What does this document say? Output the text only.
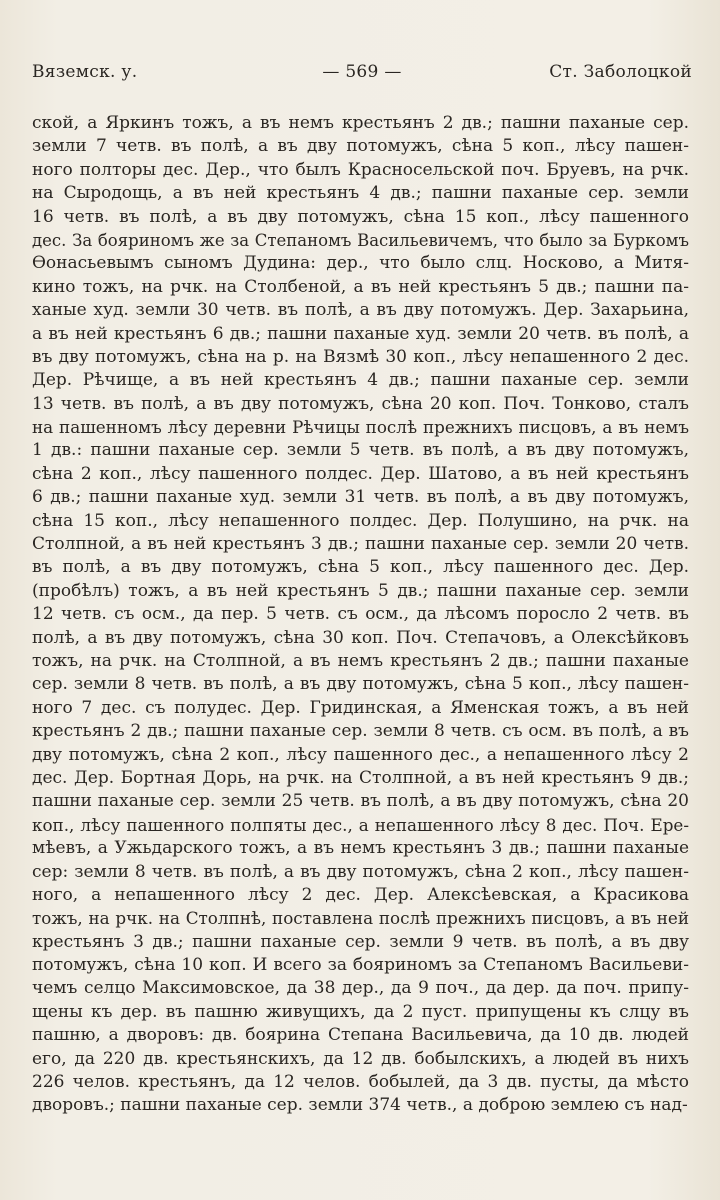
Вяземск. у.	— 569 —	Ст. Заболоцкой
ской, а Яркинъ тожъ, а въ немъ крестьянъ 2 дв.; пашни паханые сер.
земли 7 четв. въ полѣ, а въ дву потомужъ, сѣна 5 коп., лѣсу пашен-
ного полторы дес. Дер., что былъ Красносельской поч. Бруевъ, на рчк.
на Сыродощь, а въ ней крестьянъ 4 дв.; пашни паханые сер. земли
16 четв. въ полѣ, а въ дву потомужъ, сѣна 15 коп., лѣсу пашенного
дес. За бояриномъ же за Степаномъ Васильевичемъ, что было за Буркомъ
Ѳонасьевымъ сыномъ Дудина: дер., что было слц. Носково, а Митя-
кино тожъ, на рчк. на Столбеной, а въ ней крестьянъ 5 дв.; пашни па-
ханые худ. земли 30 четв. въ полѣ, а въ дву потомужъ. Дер. Захарьина,
а въ ней крестьянъ 6 дв.; пашни паханые худ. земли 20 четв. въ полѣ, а
въ дву потомужъ, сѣна на р. на Вязмѣ 30 коп., лѣсу непашенного 2 дес.
Дер. Рѣчище, а въ ней крестьянъ 4 дв.; пашни паханые сер. земли
13 четв. въ полѣ, а въ дву потомужъ, сѣна 20 коп. Поч. Тонково, сталъ
на пашенномъ лѣсу деревни Рѣчицы послѣ прежнихъ писцовъ, а въ немъ
1 дв.: пашни паханые сер. земли 5 четв. въ полѣ, а въ дву потомужъ,
сѣна 2 коп., лѣсу пашенного полдес. Дер. Шатово, а въ ней крестьянъ
6 дв.; пашни паханые худ. земли 31 четв. въ полѣ, а въ дву потомужъ,
сѣна 15 коп., лѣсу непашенного полдес. Дер. Полушино, на рчк. на
Столпной, а въ ней крестьянъ 3 дв.; пашни паханые сер. земли 20 четв.
въ полѣ, а въ дву потомужъ, сѣна 5 коп., лѣсу пашенного дес. Дер.
(пробѣлъ) тожъ, а въ ней крестьянъ 5 дв.; пашни паханые сер. земли
12 четв. съ осм., да пер. 5 четв. съ осм., да лѣсомъ поросло 2 четв. въ
полѣ, а въ дву потомужъ, сѣна 30 коп. Поч. Степачовъ, а Олексѣйковъ
тожъ, на рчк. на Столпной, а въ немъ крестьянъ 2 дв.; пашни паханые
сер. земли 8 четв. въ полѣ, а въ дву потомужъ, сѣна 5 коп., лѣсу пашен-
ного 7 дес. съ полудес. Дер. Гридинская, а Яменская тожъ, а въ ней
крестьянъ 2 дв.; пашни паханые сер. земли 8 четв. съ осм. въ полѣ, а въ
дву потомужъ, сѣна 2 коп., лѣсу пашенного дес., а непашенного лѣсу 2
дес. Дер. Бортная Дорь, на рчк. на Столпной, а въ ней крестьянъ 9 дв.;
пашни паханые сер. земли 25 четв. въ полѣ, а въ дву потомужъ, сѣна 20
коп., лѣсу пашенного полпяты дес., а непашенного лѣсу 8 дес. Поч. Ере-
мѣевъ, а Ужьдарского тожъ, а въ немъ крестьянъ 3 дв.; пашни паханые
сер: земли 8 четв. въ полѣ, а въ дву потомужъ, сѣна 2 коп., лѣсу пашен-
ного, а непашенного лѣсу 2 дес. Дер. Алексѣевская, а Красикова
тожъ, на рчк. на Столпнѣ, поставлена послѣ прежнихъ писцовъ, а въ ней
крестьянъ 3 дв.; пашни паханые сер. земли 9 четв. въ полѣ, а въ дву
потомужъ, сѣна 10 коп. И всего за бояриномъ за Степаномъ Васильеви-
чемъ селцо Максимовское, да 38 дер., да 9 поч., да дер. да поч. припу-
щены къ дер. въ пашню живущихъ, да 2 пуст. припущены къ слцу въ
пашню, а дворовъ: дв. боярина Степана Васильевича, да 10 дв. людей
его, да 220 дв. крестьянскихъ, да 12 дв. бобылскихъ, а людей въ нихъ
226 челов. крестьянъ, да 12 челов. бобылей, да 3 дв. пусты, да мѣсто
дворовъ.; пашни паханые сер. земли 374 четв., а доброю землею съ над-
